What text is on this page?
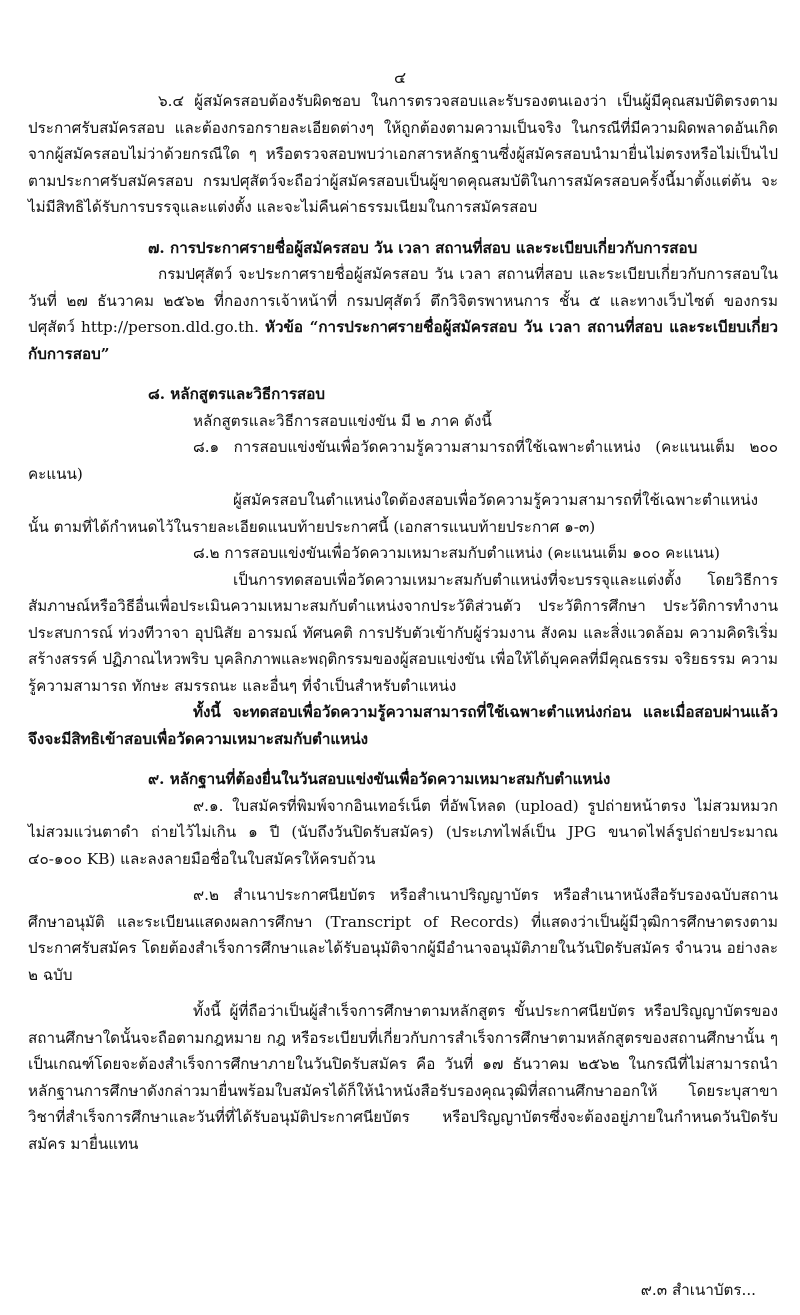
๔

๖.๔ ผู้สมัครสอบต้องรับผิดชอบ ในการตรวจสอบและรับรองตนเองว่า เป็นผู้มีคุณสมบัติตรงตามประกาศรับสมัครสอบ และต้องกรอกรายละเอียดต่างๆ ให้ถูกต้องตามความเป็นจริง ในกรณีที่มีความผิดพลาดอันเกิดจากผู้สมัครสอบไม่ว่าด้วยกรณีใด ๆ หรือตรวจสอบพบว่าเอกสารหลักฐานซึ่งผู้สมัครสอบนำมายื่นไม่ตรงหรือไม่เป็นไปตามประกาศรับสมัครสอบ กรมปศุสัตว์จะถือว่าผู้สมัครสอบเป็นผู้ขาดคุณสมบัติในการสมัครสอบครั้งนี้มาตั้งแต่ต้น จะไม่มีสิทธิได้รับการบรรจุและแต่งตั้ง และจะไม่คืนค่าธรรมเนียมในการสมัครสอบ

๗. การประกาศรายชื่อผู้สมัครสอบ วัน เวลา สถานที่สอบ และระเบียบเกี่ยวกับการสอบ

กรมปศุสัตว์ จะประกาศรายชื่อผู้สมัครสอบ วัน เวลา สถานที่สอบ และระเบียบเกี่ยวกับการสอบในวันที่ ๒๗ ธันวาคม ๒๕๖๒ ที่กองการเจ้าหน้าที่ กรมปศุสัตว์ ตึกวิจิตรพาหนการ ชั้น ๕ และทางเว็บไซต์ ของกรมปศุสัตว์ http://person.dld.go.th. หัวข้อ “การประกาศรายชื่อผู้สมัครสอบ วัน เวลา สถานที่สอบ และระเบียบเกี่ยวกับการสอบ”

๘. หลักสูตรและวิธีการสอบ

หลักสูตรและวิธีการสอบแข่งขัน มี ๒ ภาค ดังนี้

๘.๑ การสอบแข่งขันเพื่อวัดความรู้ความสามารถที่ใช้เฉพาะตำแหน่ง (คะแนนเต็ม ๒๐๐ คะแนน)

ผู้สมัครสอบในตำแหน่งใดต้องสอบเพื่อวัดความรู้ความสามารถที่ใช้เฉพาะตำแหน่งนั้น ตามที่ได้กำหนดไว้ในรายละเอียดแนบท้ายประกาศนี้ (เอกสารแนบท้ายประกาศ ๑-๓)

๘.๒ การสอบแข่งขันเพื่อวัดความเหมาะสมกับตำแหน่ง (คะแนนเต็ม ๑๐๐ คะแนน)

เป็นการทดสอบเพื่อวัดความเหมาะสมกับตำแหน่งที่จะบรรจุและแต่งตั้ง โดยวิธีการสัมภาษณ์หรือวิธีอื่นเพื่อประเมินความเหมาะสมกับตำแหน่งจากประวัติส่วนตัว ประวัติการศึกษา ประวัติการทำงาน ประสบการณ์ ท่วงทีวาจา อุปนิสัย อารมณ์ ทัศนคติ การปรับตัวเข้ากับผู้ร่วมงาน สังคม และสิ่งแวดล้อม ความคิดริเริ่มสร้างสรรค์ ปฏิภาณไหวพริบ บุคลิกภาพและพฤติกรรมของผู้สอบแข่งขัน เพื่อให้ได้บุคคลที่มีคุณธรรม จริยธรรม ความรู้ความสามารถ ทักษะ สมรรถนะ และอื่นๆ ที่จำเป็นสำหรับตำแหน่ง

ทั้งนี้ จะทดสอบเพื่อวัดความรู้ความสามารถที่ใช้เฉพาะตำแหน่งก่อน และเมื่อสอบผ่านแล้ว จึงจะมีสิทธิเข้าสอบเพื่อวัดความเหมาะสมกับตำแหน่ง

๙. หลักฐานที่ต้องยื่นในวันสอบแข่งขันเพื่อวัดความเหมาะสมกับตำแหน่ง

๙.๑. ใบสมัครที่พิมพ์จากอินเทอร์เน็ต ที่อัพโหลด (upload) รูปถ่ายหน้าตรง ไม่สวมหมวก ไม่สวมแว่นตาดำ ถ่ายไว้ไม่เกิน ๑ ปี (นับถึงวันปิดรับสมัคร) (ประเภทไฟล์เป็น JPG ขนาดไฟล์รูปถ่ายประมาณ ๔๐-๑๐๐ KB) และลงลายมือชื่อในใบสมัครให้ครบถ้วน

๙.๒ สำเนาประกาศนียบัตร หรือสำเนาปริญญาบัตร หรือสำเนาหนังสือรับรองฉบับสถานศึกษาอนุมัติ และระเบียนแสดงผลการศึกษา (Transcript of Records) ที่แสดงว่าเป็นผู้มีวุฒิการศึกษาตรงตามประกาศรับสมัคร โดยต้องสำเร็จการศึกษาและได้รับอนุมัติจากผู้มีอำนาจอนุมัติภายในวันปิดรับสมัคร จำนวน อย่างละ ๒ ฉบับ

ทั้งนี้ ผู้ที่ถือว่าเป็นผู้สำเร็จการศึกษาตามหลักสูตร ขั้นประกาศนียบัตร หรือปริญญาบัตรของสถานศึกษาใดนั้นจะถือตามกฎหมาย กฎ หรือระเบียบที่เกี่ยวกับการสำเร็จการศึกษาตามหลักสูตรของสถานศึกษานั้น ๆ เป็นเกณฑ์โดยจะต้องสำเร็จการศึกษาภายในวันปิดรับสมัคร คือ วันที่ ๑๗ ธันวาคม ๒๕๖๒ ในกรณีที่ไม่สามารถนำหลักฐานการศึกษาดังกล่าวมายื่นพร้อมใบสมัครได้ก็ให้นำหนังสือรับรองคุณวุฒิที่สถานศึกษาออกให้ โดยระบุสาขาวิชาที่สำเร็จการศึกษาและวันที่ที่ได้รับอนุมัติประกาศนียบัตร หรือปริญญาบัตรซึ่งจะต้องอยู่ภายในกำหนดวันปิดรับสมัคร มายื่นแทน

๙.๓ สำเนาบัตร...
